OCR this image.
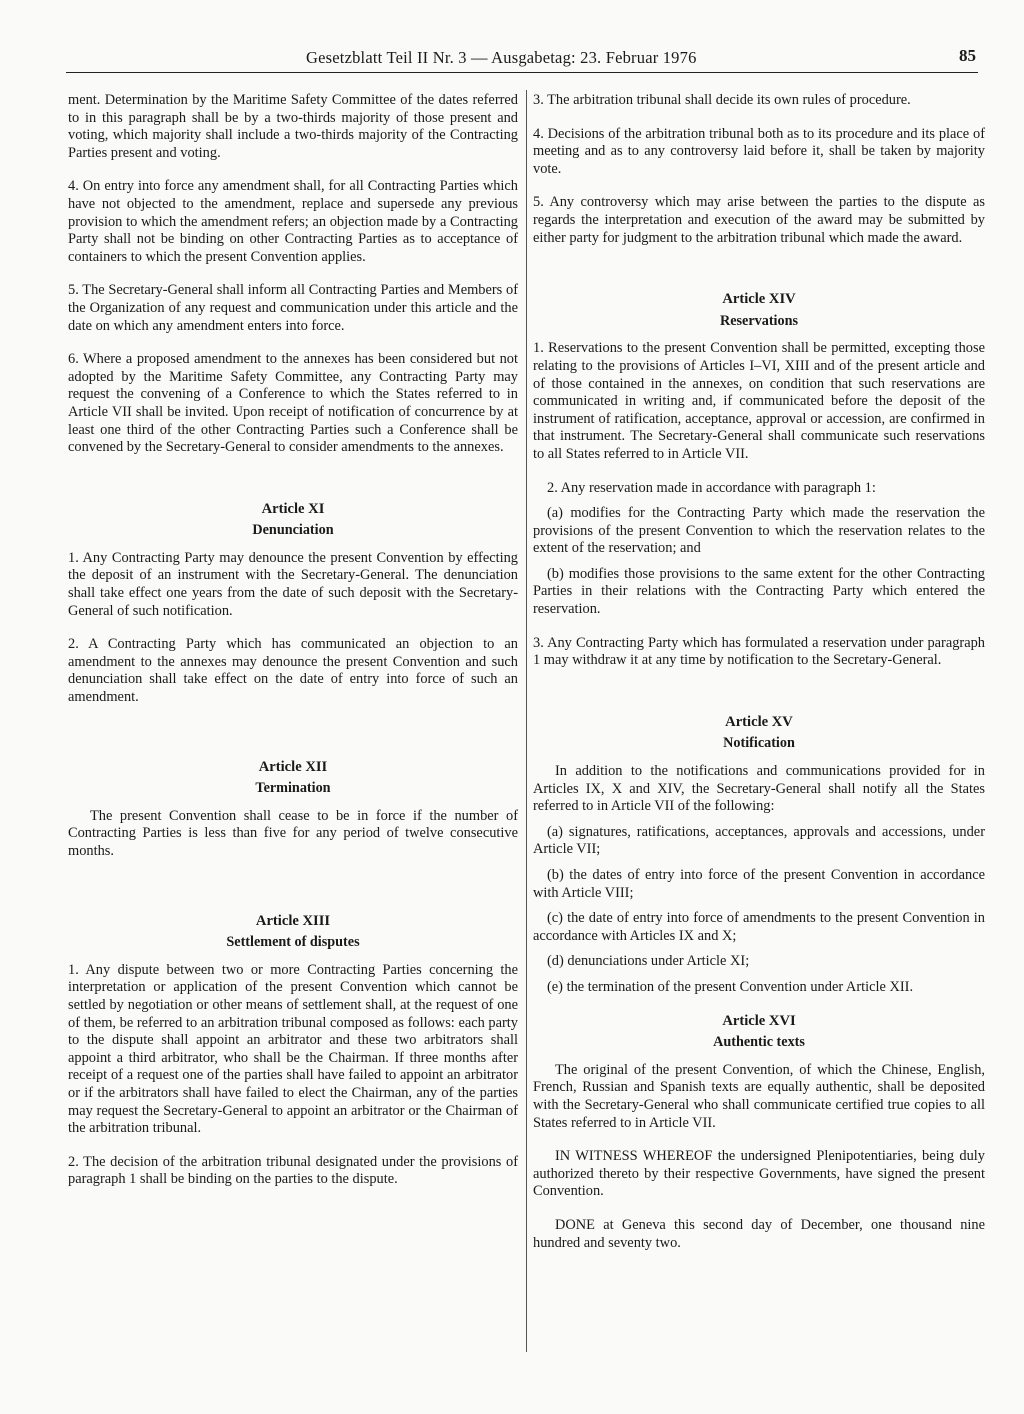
Gesetzblatt Teil II Nr. 3 — Ausgabetag: 23. Februar 1976	85

ment. Determination by the Maritime Safety Committee of the dates referred to in this paragraph shall be by a two-thirds majority of those present and voting, which majority shall include a two-thirds majority of the Contracting Parties present and voting.

4. On entry into force any amendment shall, for all Contracting Parties which have not objected to the amendment, replace and supersede any previous provision to which the amendment refers; an objection made by a Contracting Party shall not be binding on other Contracting Parties as to acceptance of containers to which the present Convention applies.

5. The Secretary-General shall inform all Contracting Parties and Members of the Organization of any request and communication under this article and the date on which any amendment enters into force.

6. Where a proposed amendment to the annexes has been considered but not adopted by the Maritime Safety Committee, any Contracting Party may request the convening of a Conference to which the States referred to in Article VII shall be invited. Upon receipt of notification of concurrence by at least one third of the other Contracting Parties such a Conference shall be convened by the Secretary-General to consider amendments to the annexes.

Article XI

Denunciation

1. Any Contracting Party may denounce the present Convention by effecting the deposit of an instrument with the Secretary-General. The denunciation shall take effect one years from the date of such deposit with the Secretary-General of such notification.

2. A Contracting Party which has communicated an objection to an amendment to the annexes may denounce the present Convention and such denunciation shall take effect on the date of entry into force of such an amendment.

Article XII

Termination

The present Convention shall cease to be in force if the number of Contracting Parties is less than five for any period of twelve consecutive months.

Article XIII

Settlement of disputes

1. Any dispute between two or more Contracting Parties concerning the interpretation or application of the present Convention which cannot be settled by negotiation or other means of settlement shall, at the request of one of them, be referred to an arbitration tribunal composed as follows: each party to the dispute shall appoint an arbitrator and these two arbitrators shall appoint a third arbitrator, who shall be the Chairman. If three months after receipt of a request one of the parties shall have failed to appoint an arbitrator or if the arbitrators shall have failed to elect the Chairman, any of the parties may request the Secretary-General to appoint an arbitrator or the Chairman of the arbitration tribunal.

2. The decision of the arbitration tribunal designated under the provisions of paragraph 1 shall be binding on the parties to the dispute.

3. The arbitration tribunal shall decide its own rules of procedure.

4. Decisions of the arbitration tribunal both as to its procedure and its place of meeting and as to any controversy laid before it, shall be taken by majority vote.

5. Any controversy which may arise between the parties to the dispute as regards the interpretation and execution of the award may be submitted by either party for judgment to the arbitration tribunal which made the award.

Article XIV

Reservations

1. Reservations to the present Convention shall be permitted, excepting those relating to the provisions of Articles I–VI, XIII and of the present article and of those contained in the annexes, on condition that such reservations are communicated in writing and, if communicated before the deposit of the instrument of ratification, acceptance, approval or accession, are confirmed in that instrument. The Secretary-General shall communicate such reservations to all States referred to in Article VII.

2. Any reservation made in accordance with paragraph 1:

(a) modifies for the Contracting Party which made the reservation the provisions of the present Convention to which the reservation relates to the extent of the reservation; and

(b) modifies those provisions to the same extent for the other Contracting Parties in their relations with the Contracting Party which entered the reservation.

3. Any Contracting Party which has formulated a reservation under paragraph 1 may withdraw it at any time by notification to the Secretary-General.

Article XV

Notification

In addition to the notifications and communications provided for in Articles IX, X and XIV, the Secretary-General shall notify all the States referred to in Article VII of the following:

(a) signatures, ratifications, acceptances, approvals and accessions, under Article VII;

(b) the dates of entry into force of the present Convention in accordance with Article VIII;

(c) the date of entry into force of amendments to the present Convention in accordance with Articles IX and X;

(d) denunciations under Article XI;

(e) the termination of the present Convention under Article XII.

Article XVI

Authentic texts

The original of the present Convention, of which the Chinese, English, French, Russian and Spanish texts are equally authentic, shall be deposited with the Secretary-General who shall communicate certified true copies to all States referred to in Article VII.

IN WITNESS WHEREOF the undersigned Plenipotentiaries, being duly authorized thereto by their respective Governments, have signed the present Convention.

DONE at Geneva this second day of December, one thousand nine hundred and seventy two.
